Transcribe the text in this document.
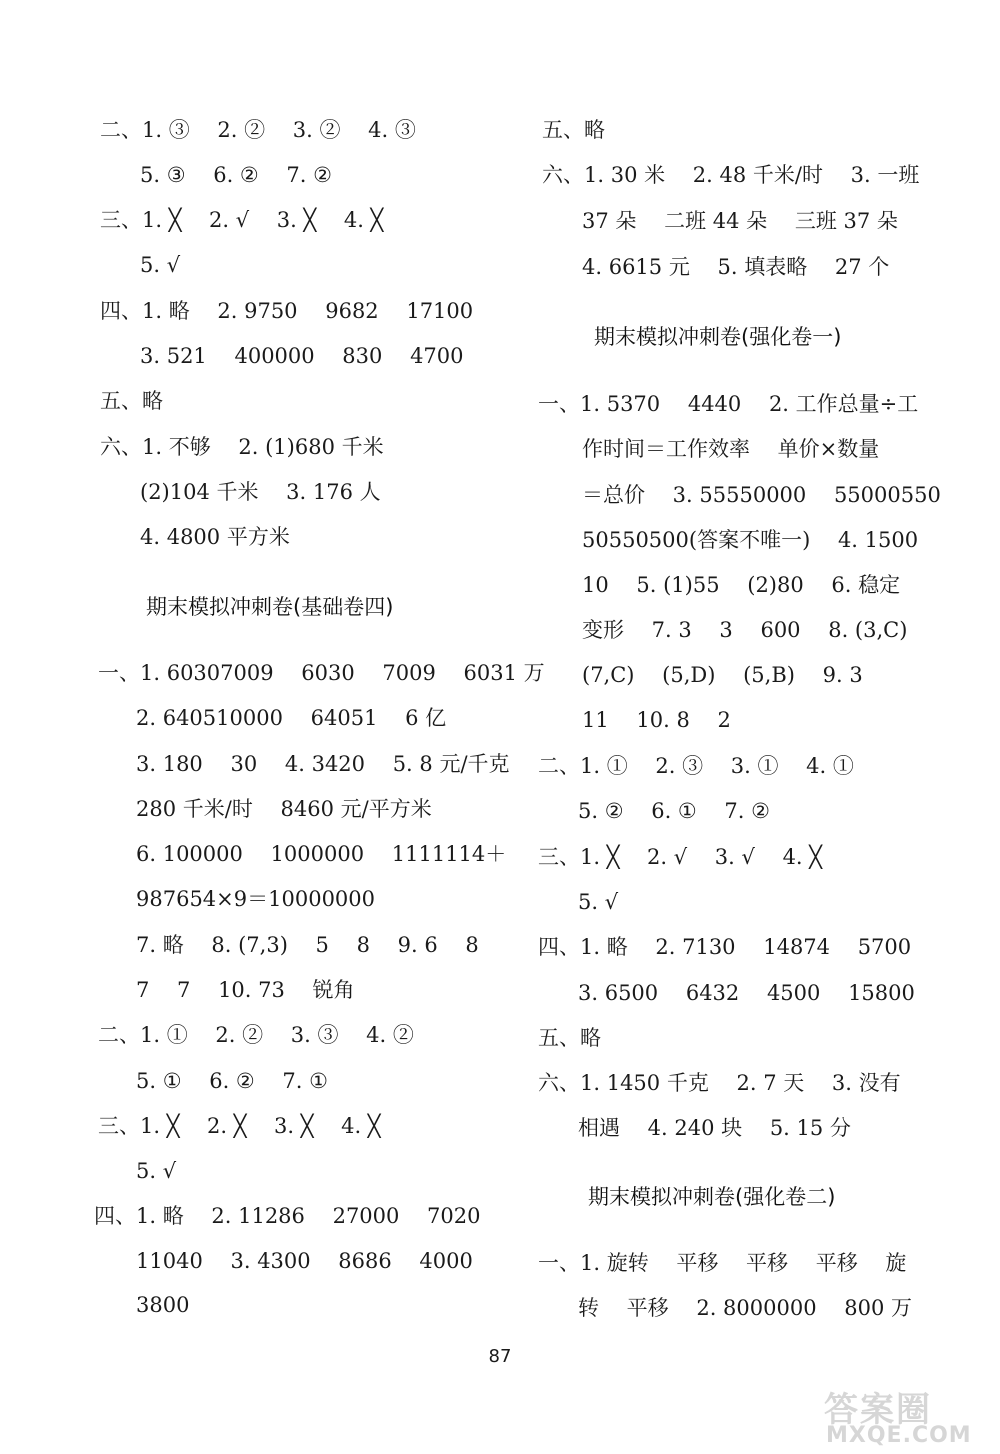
二、1. ③　 2. ②　 3. ②　 4. ③
5. ③　 6. ②　 7. ②
三、1. ╳　 2. √　 3. ╳　 4. ╳
5. √
四、1. 略　 2. 9750　 9682　 17100
3. 521　 400000　 830　 4700
五、略
六、1. 不够　 2. (1)680 千米
(2)104 千米　 3. 176 人
4. 4800 平方米
期末模拟冲刺卷(基础卷四)
一、1. 60307009　 6030　 7009　 6031 万
2. 640510000　 64051　 6 亿
3. 180　 30　 4. 3420　 5. 8 元/千克
280 千米/时　 8460 元/平方米
6. 100000　 1000000　 1111114＋
987654×9＝10000000
7. 略　 8. (7,3)　 5　 8　 9. 6　 8
7　 7　 10. 73　 锐角
二、1. ①　 2. ②　 3. ③　 4. ②
5. ①　 6. ②　 7. ①
三、1. ╳　 2. ╳　 3. ╳　 4. ╳
5. √
四、1. 略　 2. 11286　 27000　 7020
11040　 3. 4300　 8686　 4000
3800
五、略
六、1. 30 米　 2. 48 千米/时　 3. 一班
37 朵　 二班 44 朵　 三班 37 朵
4. 6615 元　 5. 填表略　 27 个
期末模拟冲刺卷(强化卷一)
一、1. 5370　 4440　 2. 工作总量÷工
作时间＝工作效率　 单价×数量
＝总价　 3. 55550000　 55000550
50550500(答案不唯一)　 4. 1500
10　 5. (1)55　 (2)80　 6. 稳定
变形　 7. 3　 3　 600　 8. (3,C)
(7,C)　 (5,D)　 (5,B)　 9. 3
11　 10. 8　 2
二、1. ①　 2. ③　 3. ①　 4. ①
5. ②　 6. ①　 7. ②
三、1. ╳　 2. √　 3. √　 4. ╳
5. √
四、1. 略　 2. 7130　 14874　 5700
3. 6500　 6432　 4500　 15800
五、略
六、1. 1450 千克　 2. 7 天　 3. 没有
相遇　 4. 240 块　 5. 15 分
期末模拟冲刺卷(强化卷二)
一、1. 旋转　 平移　 平移　 平移　 旋
转　 平移　 2. 8000000　 800 万
87
答案圈
MXQE.COM
